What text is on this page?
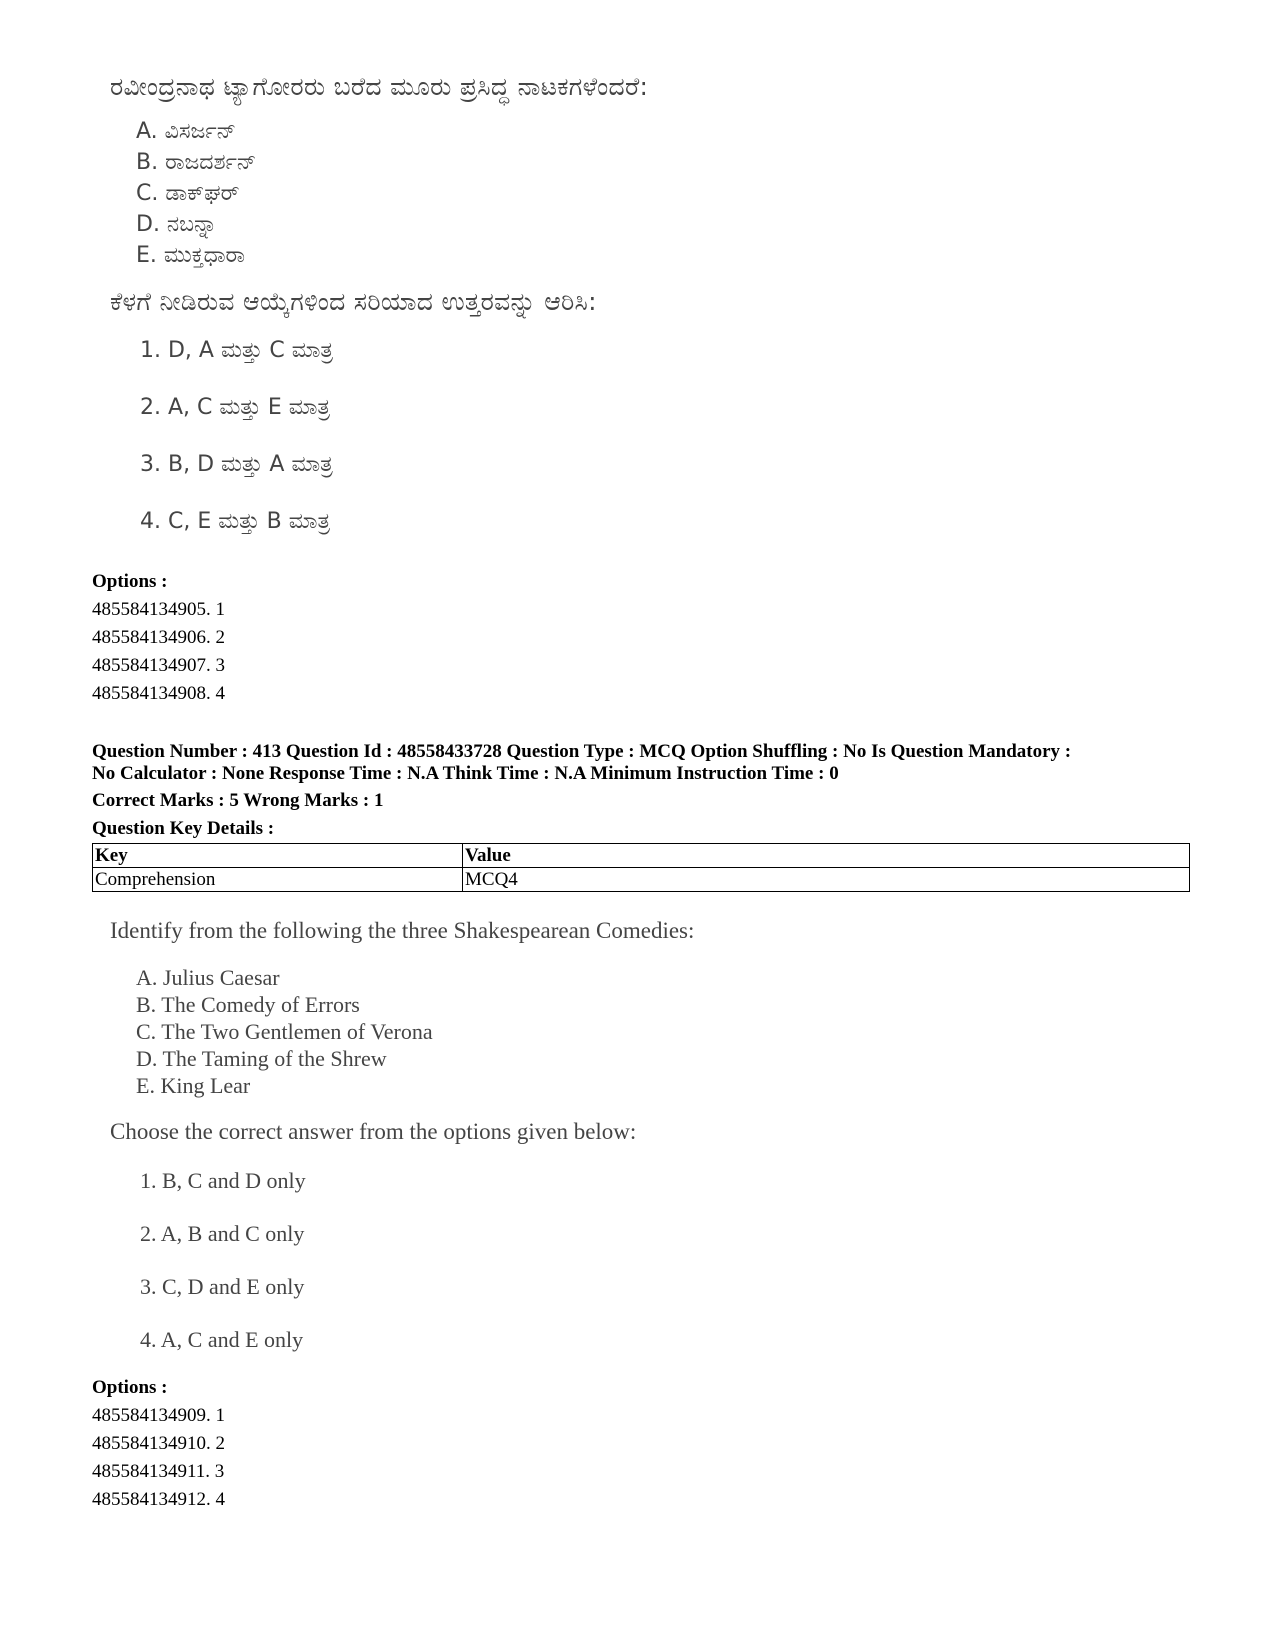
ರವೀಂದ್ರನಾಥ ಟ್ಯಾಗೋರರು ಬರೆದ ಮೂರು ಪ್ರಸಿದ್ಧ ನಾಟಕಗಳೆಂದರೆ:
A. ವಿಸರ್ಜನ್
B. ರಾಜದರ್ಶನ್
C. ಡಾಕ್‌ಘರ್
D. ನಬನ್ನಾ
E. ಮುಕ್ತಧಾರಾ
ಕೆಳಗೆ ನೀಡಿರುವ ಆಯ್ಕೆಗಳಿಂದ ಸರಿಯಾದ ಉತ್ತರವನ್ನು ಆರಿಸಿ:
1. D, A ಮತ್ತು C ಮಾತ್ರ
2. A, C ಮತ್ತು E ಮಾತ್ರ
3. B, D ಮತ್ತು A ಮಾತ್ರ
4. C, E ಮತ್ತು B ಮಾತ್ರ
Options :
485584134905. 1
485584134906. 2
485584134907. 3
485584134908. 4
Question Number : 413 Question Id : 48558433728 Question Type : MCQ Option Shuffling : No Is Question Mandatory :
No Calculator : None Response Time : N.A Think Time : N.A Minimum Instruction Time : 0
Correct Marks : 5 Wrong Marks : 1
Question Key Details :
Key	Value
Comprehension	MCQ4
Identify from the following the three Shakespearean Comedies:
A. Julius Caesar
B. The Comedy of Errors
C. The Two Gentlemen of Verona
D. The Taming of the Shrew
E. King Lear
Choose the correct answer from the options given below:
1. B, C and D only
2. A, B and C only
3. C, D and E only
4. A, C and E only
Options :
485584134909. 1
485584134910. 2
485584134911. 3
485584134912. 4
